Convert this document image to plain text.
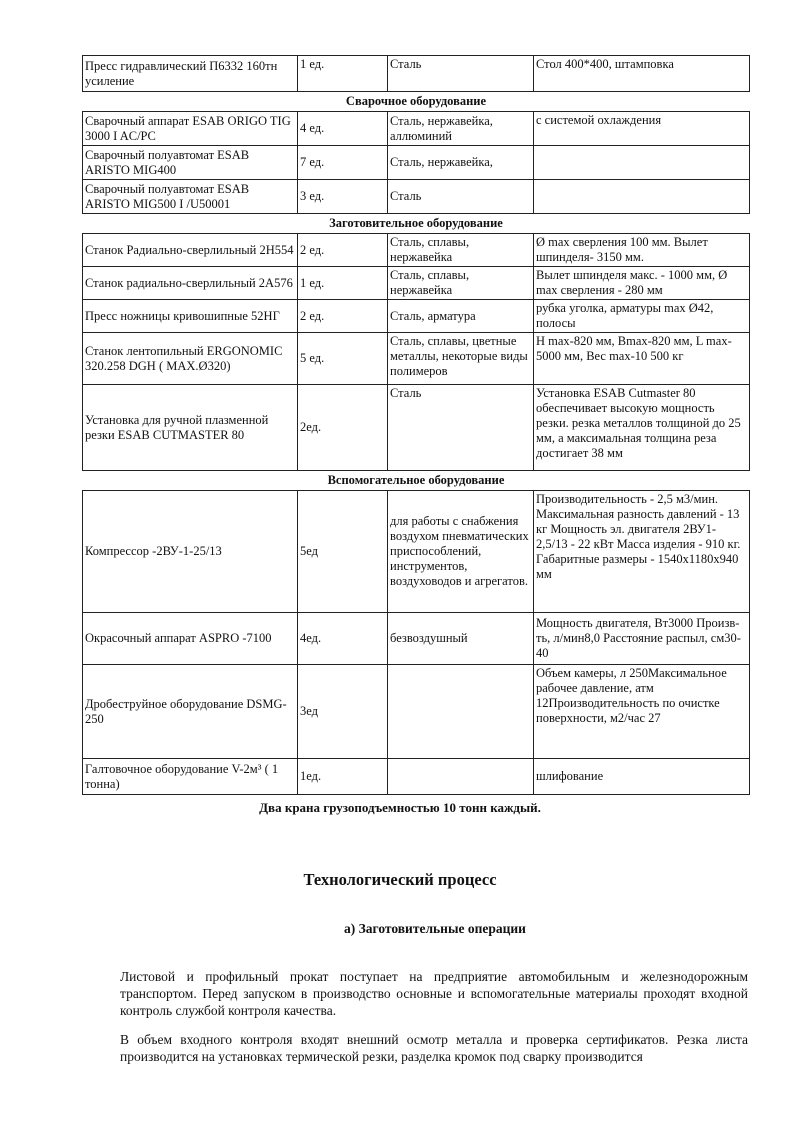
Пресс гидравлический П6332 160тн усиление	1 ед.	Сталь	Стол 400*400, штамповка
Сварочное оборудование			
Сварочный аппарат ESAB ORIGO TIG 3000 I AC/PC	4 ед.	Сталь, нержавейка, аллюминий	с системой охлаждения
Сварочный полуавтомат ESAB ARISTO MIG400	7 ед.	Сталь, нержавейка,	
Сварочный полуавтомат ESAB ARISTO MIG500 I /U50001	3 ед.	Сталь	
Заготовительное оборудование			
Станок Радиально-сверлильный 2Н554	2 ед.	Сталь, сплавы, нержавейка	Ø max сверления 100 мм. Вылет шпинделя- 3150 мм.
Станок радиально-сверлильный 2А576	1 ед.	Сталь, сплавы, нержавейка	Вылет шпинделя макс. - 1000 мм, Ø max сверления - 280 мм
Пресс ножницы кривошипные 52НГ	2 ед.	Сталь, арматура	рубка уголка, арматуры max Ø42, полосы
Станок лентопильный ERGONOMIC 320.258 DGH ( MAX.Ø320)	5 ед.	Сталь, сплавы, цветные металлы, некоторые виды полимеров	H max-820 мм, Bmax-820 мм, L max-5000 мм, Вес max-10 500 кг
Установка для ручной плазменной резки ESAB CUTMASTER 80	2ед.	Сталь	Установка ESAB Cutmaster 80 обеспечивает высокую мощность резки. резка металлов толщиной до 25 мм, а максимальная толщина реза достигает 38 мм
Вспомогательное оборудование			
Компрессор -2ВУ-1-25/13	5ед	для работы с снабжения воздухом пневматических приспособлений, инструментов, воздуховодов и агрегатов.	Производительность - 2,5 м3/мин. Максимальная разность давлений - 13 кг Мощность эл. двигателя 2ВУ1-2,5/13 - 22 кВт Масса изделия - 910 кг. Габаритные размеры - 1540х1180х940 мм
Окрасочный аппарат ASPRO -7100	4ед.	безвоздушный	Мощность двигателя, Вт3000 Произв-ть, л/мин8,0 Расстояние распыл, см30-40
Дробеструйное оборудование DSMG-250	3ед		Объем камеры, л 250Максимальное рабочее давление, атм 12Производительность по очистке поверхности, м2/час 27
Галтовочное оборудование V-2м³ ( 1 тонна)	1ед.		шлифование
Два крана грузоподъемностью 10 тонн каждый.
Технологический процесс
а) Заготовительные операции

Листовой и профильный прокат поступает на предприятие автомобильным и железнодорожным транспортом. Перед запуском в производство основные и вспомогательные материалы проходят входной контроль службой контроля качества.

В объем входного контроля входят внешний осмотр металла и проверка сертификатов. Резка листа производится на установках термической резки, разделка кромок под сварку производится
